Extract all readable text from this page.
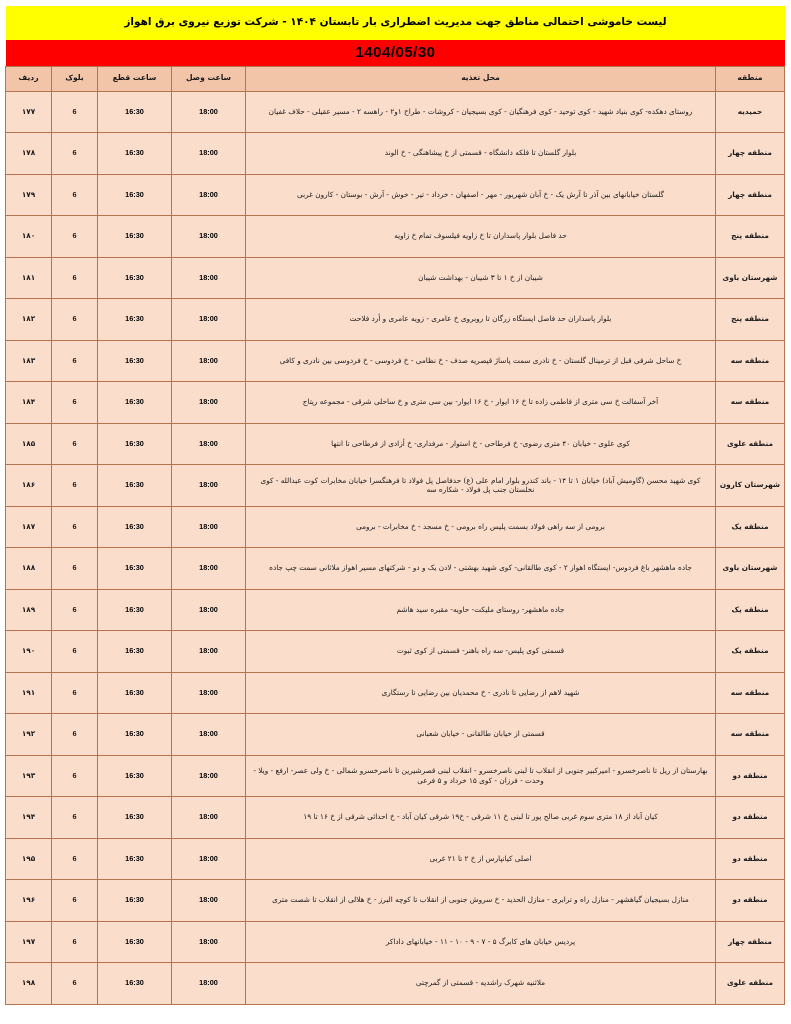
لیست خاموشی احتمالی مناطق جهت مدیریت اضطراری بار تابستان ۱۴۰۴ - شرکت توزیع نیروی برق اهواز
1404/05/30
منطقه	محل تغذیه	ساعت وصل	ساعت قطع	بلوک	ردیف
حمیدیه	روستای دهکده- کوی بنیاد شهید - کوی توحید - کوی فرهنگیان - کوی بسیجیان - کروشات - طراح ۱و۲ - راهسه ۲ - مسیر عقیلی - حلاف غفیان	18:00	16:30	6	۱۷۷
منطقه چهار	بلوار گلستان تا فلکه دانشگاه - قسمتی از خ پیشاهنگی - خ الوند	18:00	16:30	6	۱۷۸
منطقه چهار	گلستان خیابانهای بین آذر تا آرش یک - خ آبان شهریور - مهر - اصفهان - خرداد - تیر - خوش - آرش - بوستان - کارون غربی	18:00	16:30	6	۱۷۹
منطقه پنج	حد فاصل بلوار پاسداران تا خ زاویه فیلسوف تمام خ زاویه	18:00	16:30	6	۱۸۰
شهرستان باوی	شیبان از خ ۱ تا ۳ شیبان - بهداشت شیبان	18:00	16:30	6	۱۸۱
منطقه پنج	بلوار پاسداران حد فاصل ایستگاه زرگان تا روبروی خ عامری - زویه عامری و أرد فلاحت	18:00	16:30	6	۱۸۲
منطقه سه	خ ساحل شرقی قبل از ترمینال گلستان - خ نادری سمت پاساژ قیصریه صدف - خ نظامی - خ فردوسی - خ فردوسی بین نادری و کافی	18:00	16:30	6	۱۸۳
منطقه سه	آخر آسفالت خ سی متری از فاطمی زاده تا خ ۱۶ ایوار - خ ۱۶ ایوار- بین سی متری و خ ساحلی شرقی - مجموعه ریتاج	18:00	16:30	6	۱۸۴
منطقه علوی	کوی علوی - خیابان ۴۰ متری رضوی- خ فرطاحی - خ استوار - مرفداری- خ أزادی از فرطاحی تا انتها	18:00	16:30	6	۱۸۵
شهرستان کارون	کوی شهید محسن (گاومیش آباد) خیابان ۱ تا ۱۴ - باند کندرو بلوار امام علی (ع) حدفاصل پل فولاد تا فرهنگسرا خیابان مخابرات کوت عبدالله - کوی نخلستان جنب پل فولاد - شکاره سه	18:00	16:30	6	۱۸۶
منطقه یک	برومی از سه راهی فولاد بسمت پلیس راه برومی - خ مسجد - خ مخابرات - برومی	18:00	16:30	6	۱۸۷
شهرستان باوی	جاده ماهشهر باغ فردوس- ایستگاه اهواز ۲ - کوی طالقانی- کوی شهید بهشتی - لادن یک و دو - شرکتهای مسیر اهواز ملاثانی سمت چپ جاده	18:00	16:30	6	۱۸۸
منطقه یک	جاده ماهشهر- روستای ملیکت- حاویه- مقبره سید هاشم	18:00	16:30	6	۱۸۹
منطقه یک	قسمتی کوی پلیس- سه راه باهنر- قسمتی از کوی ثبوت	18:00	16:30	6	۱۹۰
منطقه سه	شهید لاهم از رضایی تا نادری - خ محمدیان بین رضایی تا رستگاری	18:00	16:30	6	۱۹۱
منطقه سه	قسمتی از خیابان طالقانی - خیابان شعبانی	18:00	16:30	6	۱۹۲
منطقه دو	بهارستان از ریل تا ناصرخسرو - امیرکبیر جنوبی از انقلاب تا لبنی ناصرخسرو - انقلاب لبنی قصرشیرین تا ناصرخسرو شمالی - خ ولی عصر- ارفع - ویلا - وحدت - فرزان - کوی ۱۵ خرداد و ۵ فرعی	18:00	16:30	6	۱۹۳
منطقه دو	کیان آباد از ۱۸ متری سوم غربی صالح پور تا لبنی خ ۱۱ شرقی - خ۱۹ شرقی کیان آباد - خ احداثی شرقی از خ ۱۶ تا ۱۹	18:00	16:30	6	۱۹۴
منطقه دو	اصلی کیانپارس از خ ۲ تا ۲۱ غربی	18:00	16:30	6	۱۹۵
منطقه دو	منازل بسیجیان گیاهشهر - منازل راه و ترابری - منازل الحدید - خ سروش جنوبی از انقلاب تا کوچه البرز - خ هلالی از انقلاب تا شصت متری	18:00	16:30	6	۱۹۶
منطقه چهار	پردیس خیابان های کابرگ ۵ - ۷ - ۹ - ۱۰ - ۱۱ - خیابانهای داداکر	18:00	16:30	6	۱۹۷
منطقه علوی	ملاثنیه شهرک راشدیه - قسمتی از گمرچتی	18:00	16:30	6	۱۹۸
